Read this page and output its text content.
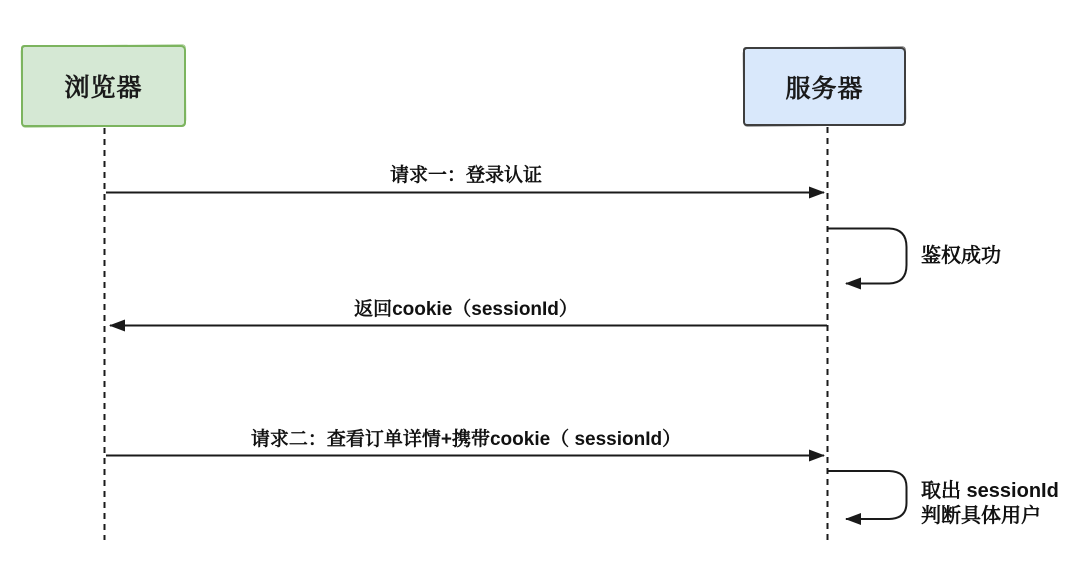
浏览器	服务器
请求一：登录认证
鉴权成功
返回cookie（sessionId）
请求二：查看订单详情+携带cookie（ sessionId）
取出 sessionId
判断具体用户
